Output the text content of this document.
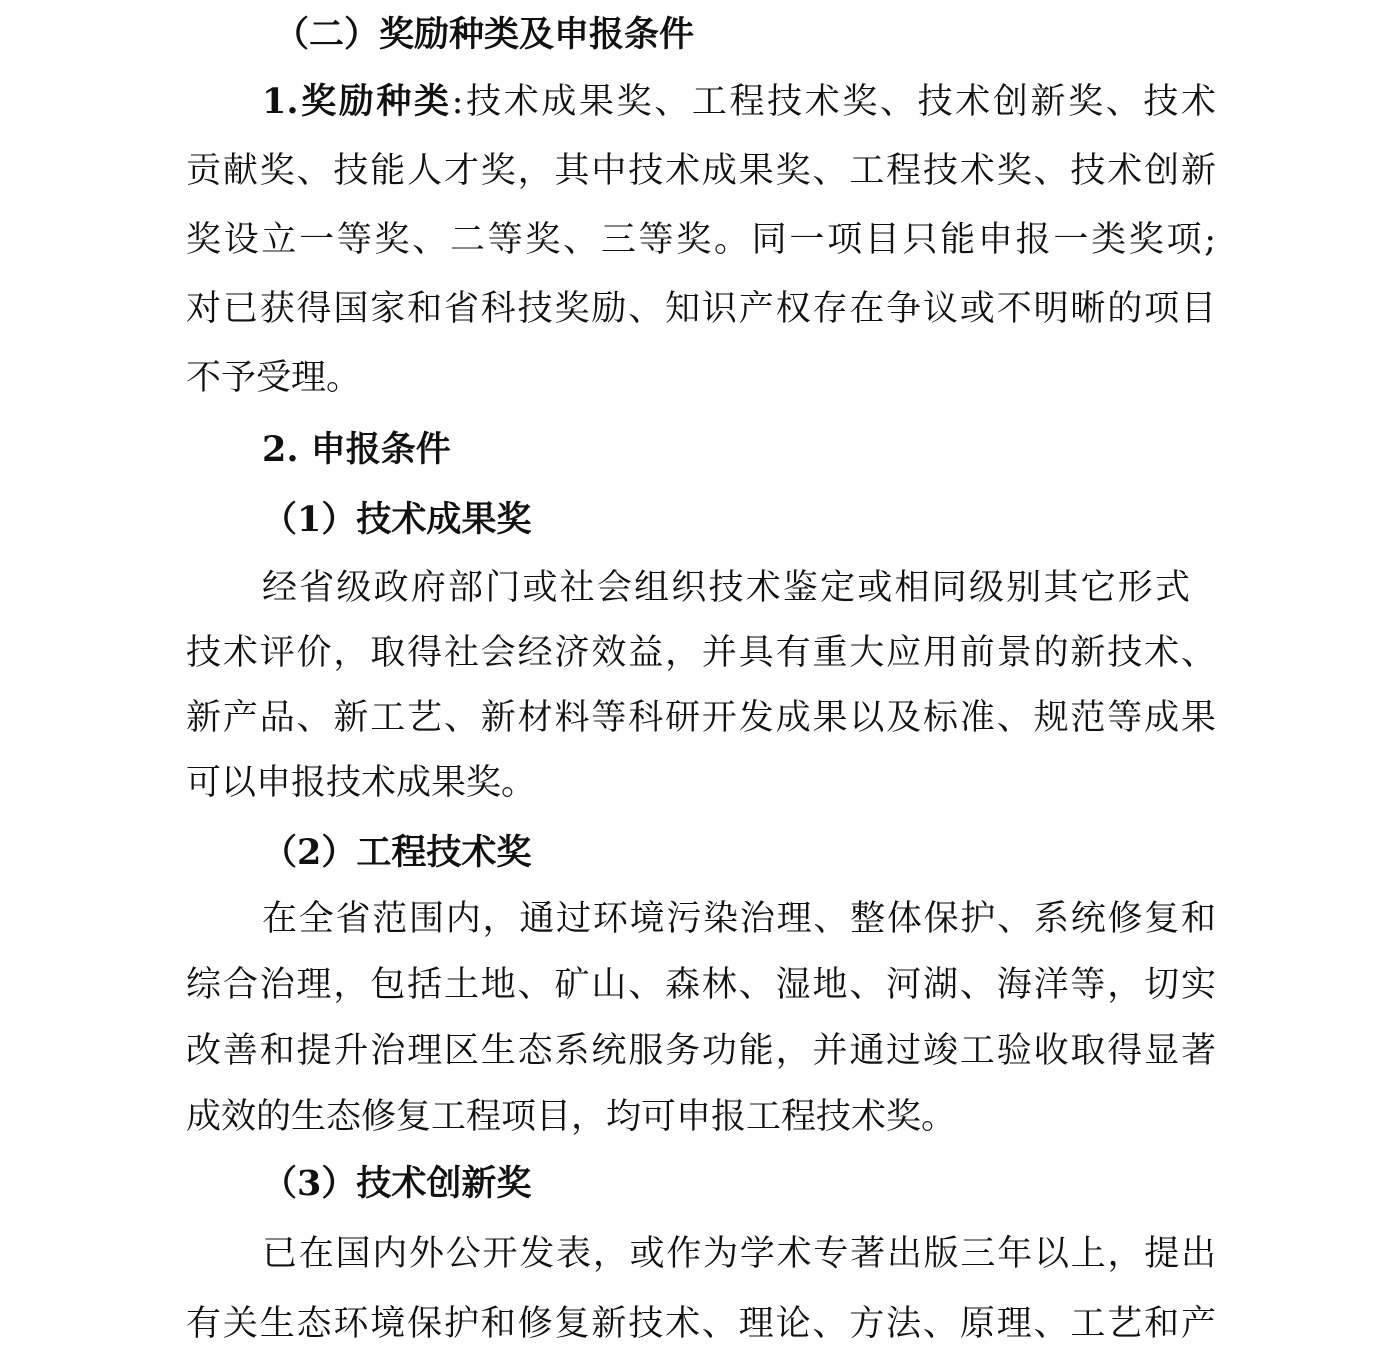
（二）奖励种类及申报条件
1.奖励种类:技术成果奖、工程技术奖、技术创新奖、技术
贡献奖、技能人才奖，其中技术成果奖、工程技术奖、技术创新
奖设立一等奖、二等奖、三等奖。同一项目只能申报一类奖项;
对已获得国家和省科技奖励、知识产权存在争议或不明晰的项目
不予受理。
2. 申报条件
（1）技术成果奖
经省级政府部门或社会组织技术鉴定或相同级别其它形式
技术评价，取得社会经济效益，并具有重大应用前景的新技术、
新产品、新工艺、新材料等科研开发成果以及标准、规范等成果
可以申报技术成果奖。
（2）工程技术奖
在全省范围内，通过环境污染治理、整体保护、系统修复和
综合治理，包括土地、矿山、森林、湿地、河湖、海洋等，切实
改善和提升治理区生态系统服务功能，并通过竣工验收取得显著
成效的生态修复工程项目，均可申报工程技术奖。
（3）技术创新奖
已在国内外公开发表，或作为学术专著出版三年以上，提出
有关生态环境保护和修复新技术、理论、方法、原理、工艺和产
